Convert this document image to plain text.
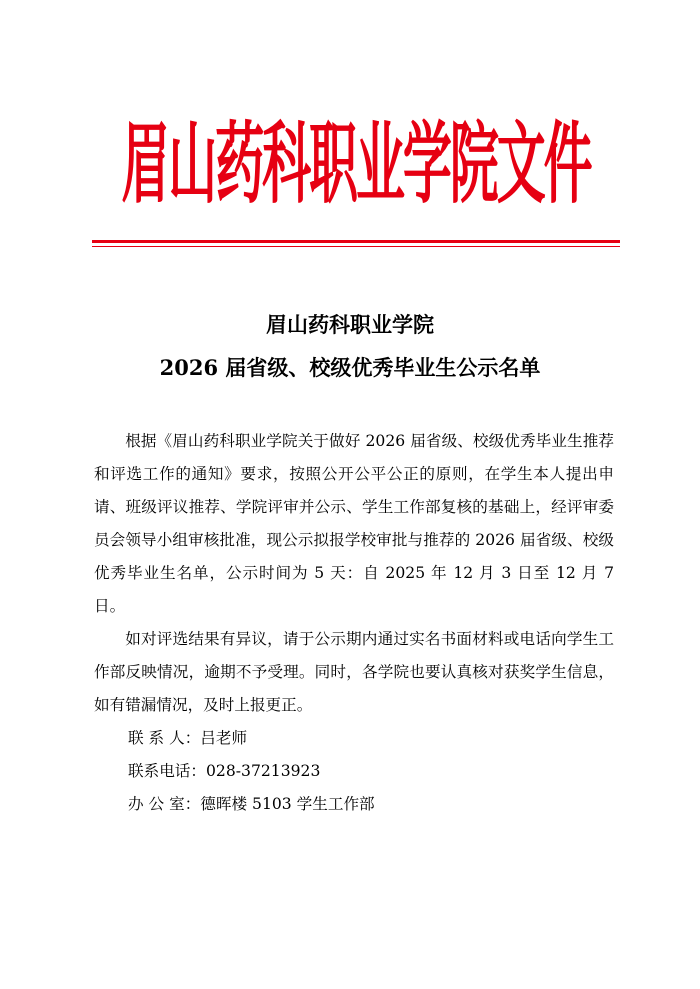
眉山药科职业学院文件
眉山药科职业学院
2026 届省级、校级优秀毕业生公示名单

根据《眉山药科职业学院关于做好 2026 届省级、校级优秀毕业生推荐和评选工作的通知》要求，按照公开公平公正的原则，在学生本人提出申请、班级评议推荐、学院评审并公示、学生工作部复核的基础上，经评审委员会领导小组审核批准，现公示拟报学校审批与推荐的 2026 届省级、校级优秀毕业生名单，公示时间为 5 天：自 2025 年 12 月 3 日至 12 月 7 日。

如对评选结果有异议，请于公示期内通过实名书面材料或电话向学生工作部反映情况，逾期不予受理。同时，各学院也要认真核对获奖学生信息，如有错漏情况，及时上报更正。

联 系 人：吕老师
联系电话：028-37213923
办 公 室：德晖楼 5103 学生工作部
